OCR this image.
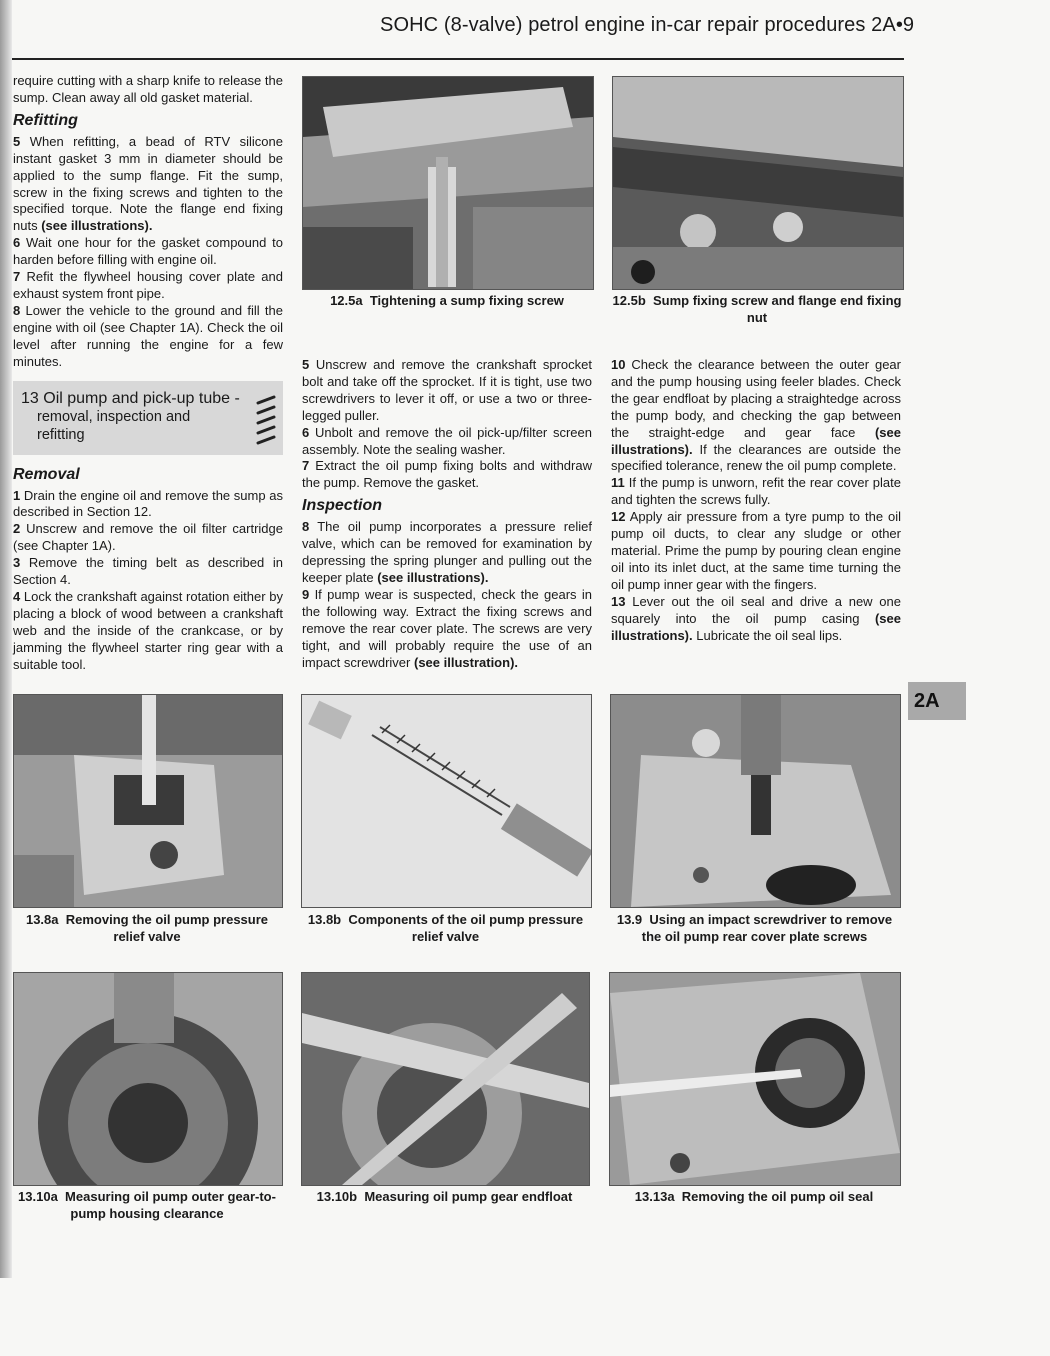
SOHC (8-valve) petrol engine in-car repair procedures 2A•9

require cutting with a sharp knife to release the sump. Clean away all old gasket material.

Refitting

5 When refitting, a bead of RTV silicone instant gasket 3 mm in diameter should be applied to the sump flange. Fit the sump, screw in the fixing screws and tighten to the specified torque. Note the flange end fixing nuts (see illustrations).

6 Wait one hour for the gasket compound to harden before filling with engine oil.

7 Refit the flywheel housing cover plate and exhaust system front pipe.

8 Lower the vehicle to the ground and fill the engine with oil (see Chapter 1A). Check the oil level after running the engine for a few minutes.

13 Oil pump and pick-up tube -
removal, inspection and
refitting
Removal

1 Drain the engine oil and remove the sump as described in Section 12.

2 Unscrew and remove the oil filter cartridge (see Chapter 1A).

3 Remove the timing belt as described in Section 4.

4 Lock the crankshaft against rotation either by placing a block of wood between a crankshaft web and the inside of the crankcase, or by jamming the flywheel starter ring gear with a suitable tool.

5 Unscrew and remove the crankshaft sprocket bolt and take off the sprocket. If it is tight, use two screwdrivers to lever it off, or use a two or three-legged puller.

6 Unbolt and remove the oil pick-up/filter screen assembly. Note the sealing washer.

7 Extract the oil pump fixing bolts and withdraw the pump. Remove the gasket.

Inspection

8 The oil pump incorporates a pressure relief valve, which can be removed for examination by depressing the spring plunger and pulling out the keeper plate (see illustrations).

9 If pump wear is suspected, check the gears in the following way. Extract the fixing screws and remove the rear cover plate. The screws are very tight, and will probably require the use of an impact screwdriver (see illustration).

10 Check the clearance between the outer gear and the pump housing using feeler blades. Check the gear endfloat by placing a straightedge across the pump body, and checking the gap between the straight-edge and gear face (see illustrations). If the clearances are outside the specified tolerance, renew the oil pump complete.

11 If the pump is unworn, refit the rear cover plate and tighten the screws fully.

12 Apply air pressure from a tyre pump to the oil pump oil ducts, to clear any sludge or other material. Prime the pump by pouring clean engine oil into its inlet duct, at the same time turning the oil pump inner gear with the fingers.

13 Lever out the oil seal and drive a new one squarely into the oil pump casing (see illustrations). Lubricate the oil seal lips.

2A
12.5a Tightening a sump fixing screw	12.5b Sump fixing screw and flange end fixing nut
13.8a Removing the oil pump pressure relief valve
13.8b Components of the oil pump pressure relief valve
13.9 Using an impact screwdriver to remove the oil pump rear cover plate screws
13.10a Measuring oil pump outer gear-to-pump housing clearance
13.10b Measuring oil pump gear endfloat	13.13a Removing the oil pump oil seal
